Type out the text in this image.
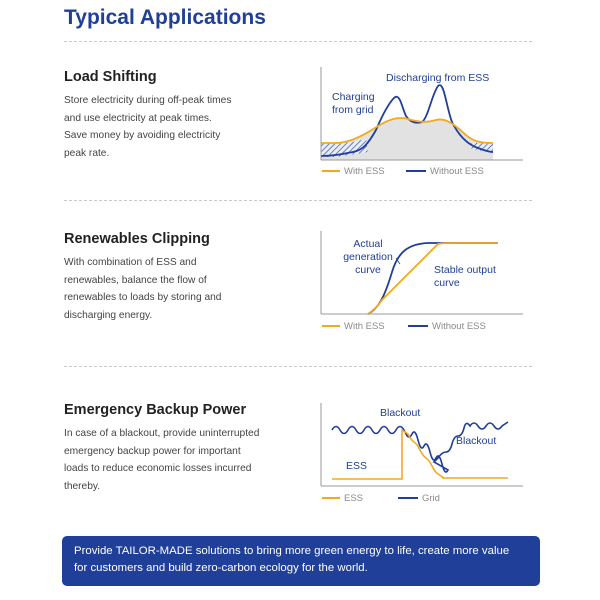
Typical Applications
Load Shifting
Store electricity during off-peak times
and use electricity at peak times.
Save money by avoiding electricity
peak rate.
Discharging from ESS
Charging
from grid
With ESS	Without ESS
Renewables Clipping
With combination of ESS and
renewables, balance the flow of
renewables to loads by storing and
discharging energy.
Actual
generation
curve	Stable output
curve
With ESS	Without ESS
Emergency Backup Power
In case of a blackout, provide uninterrupted
emergency backup power for important
loads to reduce economic losses incurred
thereby.
Blackout
Blackout
ESS
ESS	Grid
Provide TAILOR-MADE solutions to bring more green energy to life, create more value
for customers and build zero-carbon ecology for the world.
